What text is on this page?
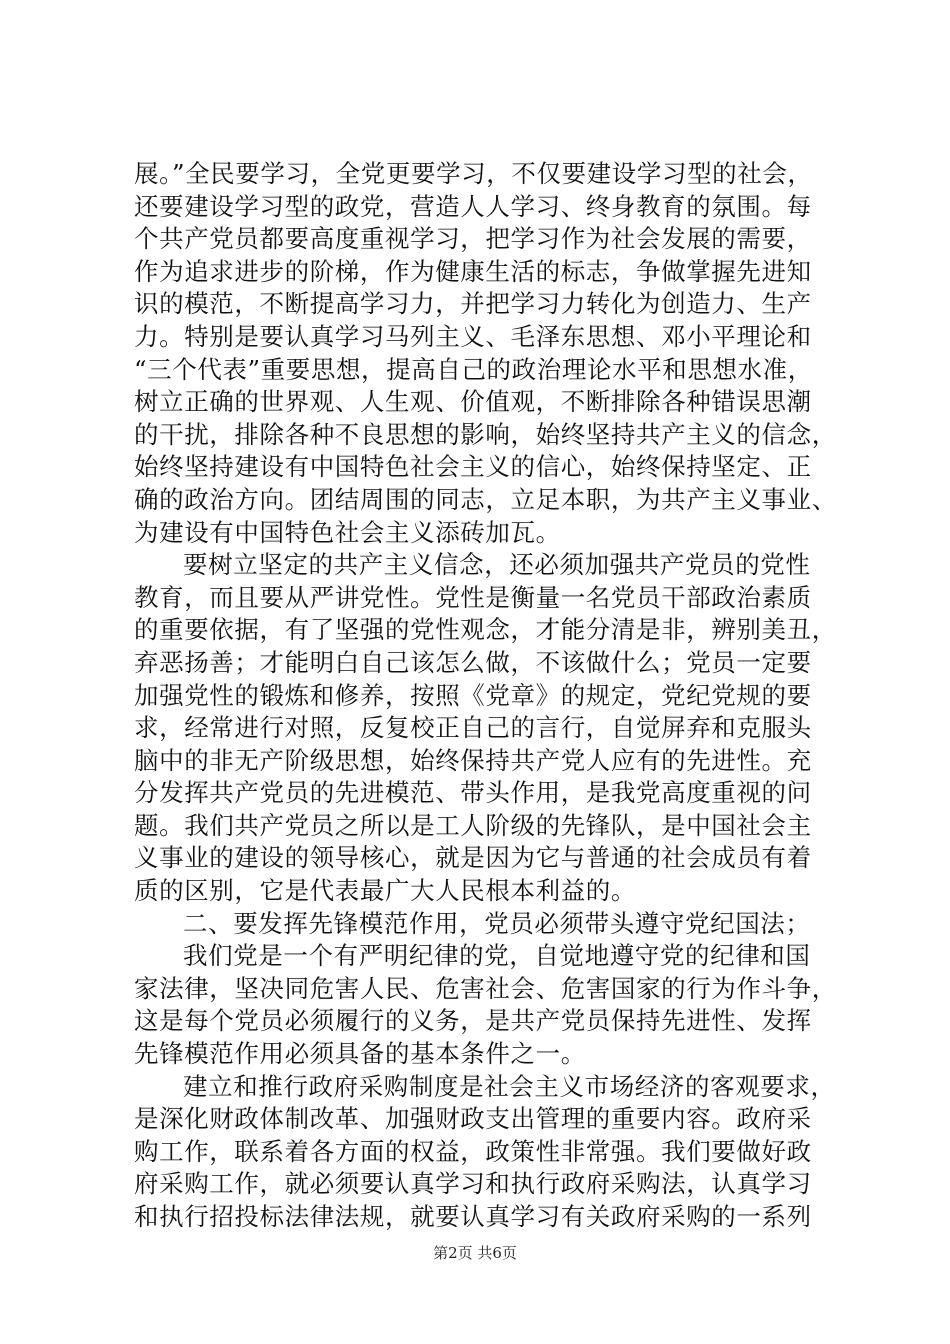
展。”全民要学习，全党更要学习，不仅要建设学习型的社会，
还要建设学习型的政党，营造人人学习、终身教育的氛围。每
个共产党员都要高度重视学习，把学习作为社会发展的需要，
作为追求进步的阶梯，作为健康生活的标志，争做掌握先进知
识的模范，不断提高学习力，并把学习力转化为创造力、生产
力。特别是要认真学习马列主义、毛泽东思想、邓小平理论和
“三个代表”重要思想，提高自己的政治理论水平和思想水准，
树立正确的世界观、人生观、价值观，不断排除各种错误思潮
的干扰，排除各种不良思想的影响，始终坚持共产主义的信念，
始终坚持建设有中国特色社会主义的信心，始终保持坚定、正
确的政治方向。团结周围的同志，立足本职，为共产主义事业、
为建设有中国特色社会主义添砖加瓦。
要树立坚定的共产主义信念，还必须加强共产党员的党性
教育，而且要从严讲党性。党性是衡量一名党员干部政治素质
的重要依据，有了坚强的党性观念，才能分清是非，辨别美丑，
弃恶扬善；才能明白自己该怎么做，不该做什么；党员一定要
加强党性的锻炼和修养，按照《党章》的规定，党纪党规的要
求，经常进行对照，反复校正自己的言行，自觉屏弃和克服头
脑中的非无产阶级思想，始终保持共产党人应有的先进性。充
分发挥共产党员的先进模范、带头作用，是我党高度重视的问
题。我们共产党员之所以是工人阶级的先锋队，是中国社会主
义事业的建设的领导核心，就是因为它与普通的社会成员有着
质的区别，它是代表最广大人民根本利益的。
二、要发挥先锋模范作用，党员必须带头遵守党纪国法；
我们党是一个有严明纪律的党，自觉地遵守党的纪律和国
家法律，坚决同危害人民、危害社会、危害国家的行为作斗争，
这是每个党员必须履行的义务，是共产党员保持先进性、发挥
先锋模范作用必须具备的基本条件之一。
建立和推行政府采购制度是社会主义市场经济的客观要求，
是深化财政体制改革、加强财政支出管理的重要内容。政府采
购工作，联系着各方面的权益，政策性非常强。我们要做好政
府采购工作，就必须要认真学习和执行政府采购法，认真学习
和执行招投标法律法规，就要认真学习有关政府采购的一系列
第2页 共6页
